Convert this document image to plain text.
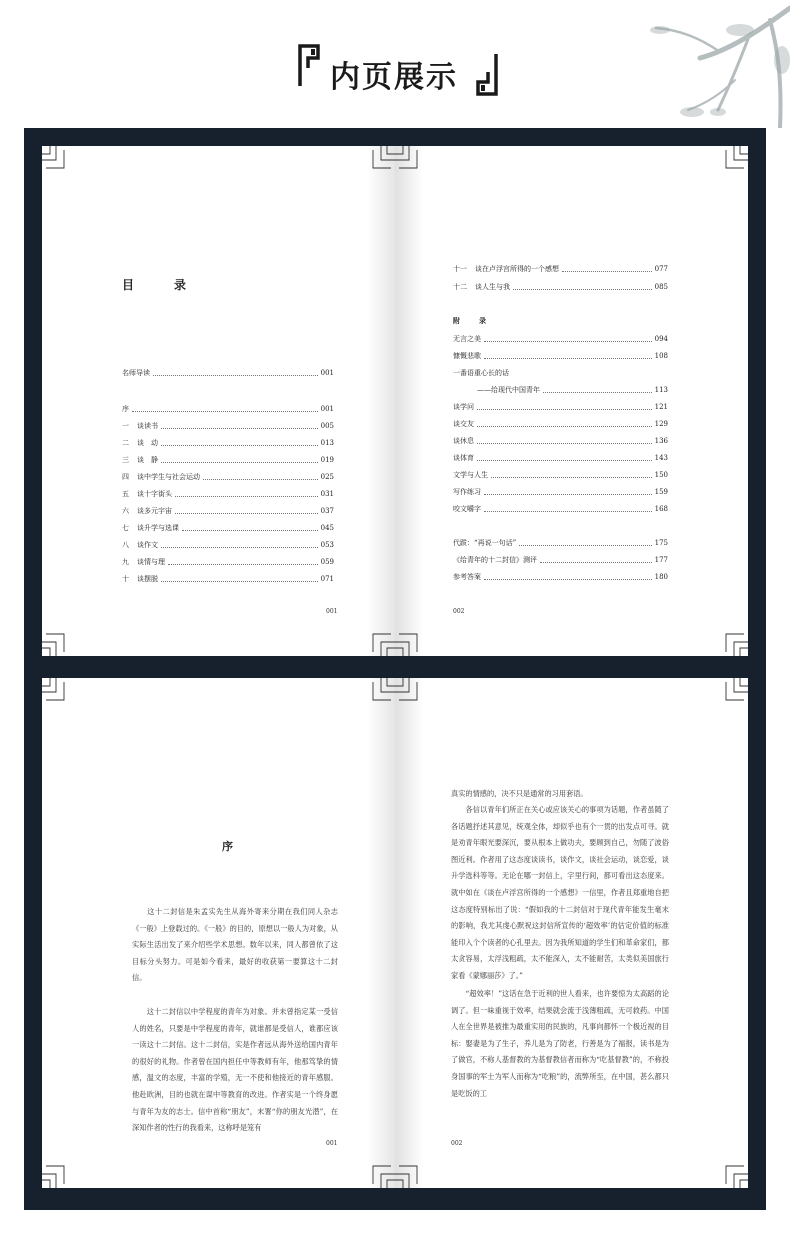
内页展示
目　录
名师导读	001
序	001
一	谈读书	005
二	谈　动	013
三	谈　静	019
四	谈中学生与社会运动	025
五	谈十字街头	031
六	谈多元宇宙	037
七	谈升学与选课	045
八	谈作文	053
九	谈情与理	059
十	谈摆脱	071
001
十一	谈在卢浮宫所得的一个感想	077
十二	谈人生与我	085
附　录
无言之美	094
慷慨悲歌	108
一番语重心长的话
——给现代中国青年	113
谈学问	121
谈交友	129
谈休息	136
谈体育	143
文学与人生	150
写作练习	159
咬文嚼字	168
代跋：“再说一句话”	175
《给青年的十二封信》测评	177
参考答案	180
002
序
　　这十二封信是朱孟实先生从海外寄来分期在我们同人杂志《一般》上登载过的。《一般》的目的，原想以一般人为对象，从实际生活出发了来介绍些学术思想。数年以来，同人都曾依了这目标分头努力。可是如今看来，最好的收获第一要算这十二封信。
　　这十二封信以中学程度的青年为对象。并未曾指定某一受信人的姓名，只要是中学程度的青年，就谁都是受信人，谁都应该一读这十二封信。这十二封信，实是作者远从海外送给国内青年的很好的礼物。作者曾在国内担任中等教师有年，他那笃挚的情感，温文的态度，丰富的学殖，无一不使和他接近的青年感服。他赴欧洲，目的也就在谋中等教育的改进。作者实是一个终身愿与青年为友的志士。信中首称“朋友”，末署“你的朋友光潜”，在深知作者的性行的我看来，这称呼是笼有
001
真实的情感的，决不只是通常的习用套语。
　　各信以青年们所正在关心或应该关心的事项为话题，作者虽随了各话题抒述其意见，统观全体，却似乎也有个一贯的出发点可寻。就是劝青年眼光要深沉，要从根本上做功夫，要顾到自己，勿随了波俗图近利。作者用了这态度谈读书，谈作文，谈社会运动，谈恋爱，谈升学选科等等。无论在哪一封信上，字里行间，都可看出这态度来。就中如在《谈在卢浮宫所得的一个感想》一信里，作者且郑重地自把这态度特别标出了说：“假如我的十二封信对于现代青年能发生毫末的影响，我尤其虔心默祝这封信所宣传的‘超效率’的估定价值的标准能印入个个读者的心孔里去。因为我所知道的学生们和革命家们，都太贪容易，太浮浅粗疏，太不能深入，太不能耐苦，太类似美国旅行家看《蒙娜丽莎》了。”
　　“超效率！”这话在急于近利的世人看来，也许要惊为太高蹈的论调了。但一味重视于效率，结果就会流于浅薄粗疏，无可救药。中国人在全世界是被推为最重实用的民族的，凡事向都怀一个极近视的目标：娶妻是为了生子，养儿是为了防老，行善是为了福报，读书是为了做官，不称人基督教的为基督教信者而称为“吃基督教”的，不称投身国事的军士为军人而称为“吃粮”的，流弊所至，在中国，甚么都只是吃饭的工
002
